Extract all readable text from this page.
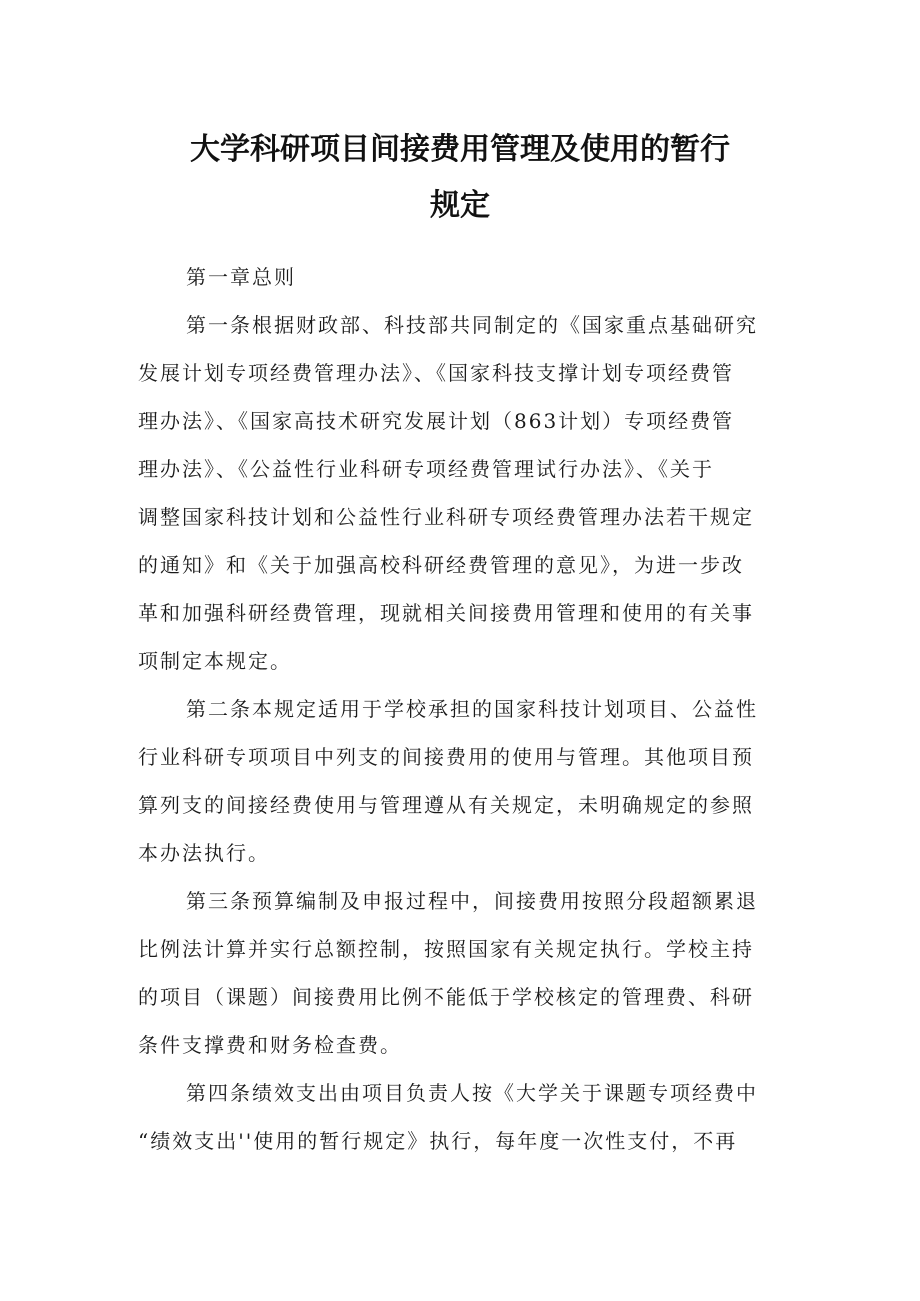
大学科研项目间接费用管理及使用的暂行
规定

第一章总则

第一条根据财政部、科技部共同制定的《国家重点基础研究
发展计划专项经费管理办法》、《国家科技支撑计划专项经费管
理办法》、《国家高技术研究发展计划（863计划）专项经费管
理办法》、《公益性行业科研专项经费管理试行办法》、《关于
调整国家科技计划和公益性行业科研专项经费管理办法若干规定
的通知》和《关于加强高校科研经费管理的意见》，为进一步改
革和加强科研经费管理，现就相关间接费用管理和使用的有关事
项制定本规定。

第二条本规定适用于学校承担的国家科技计划项目、公益性
行业科研专项项目中列支的间接费用的使用与管理。其他项目预
算列支的间接经费使用与管理遵从有关规定，未明确规定的参照
本办法执行。

第三条预算编制及申报过程中，间接费用按照分段超额累退
比例法计算并实行总额控制，按照国家有关规定执行。学校主持
的项目（课题）间接费用比例不能低于学校核定的管理费、科研
条件支撑费和财务检查费。

第四条绩效支出由项目负责人按《大学关于课题专项经费中
“绩效支出''使用的暂行规定》执行，每年度一次性支付，不再
